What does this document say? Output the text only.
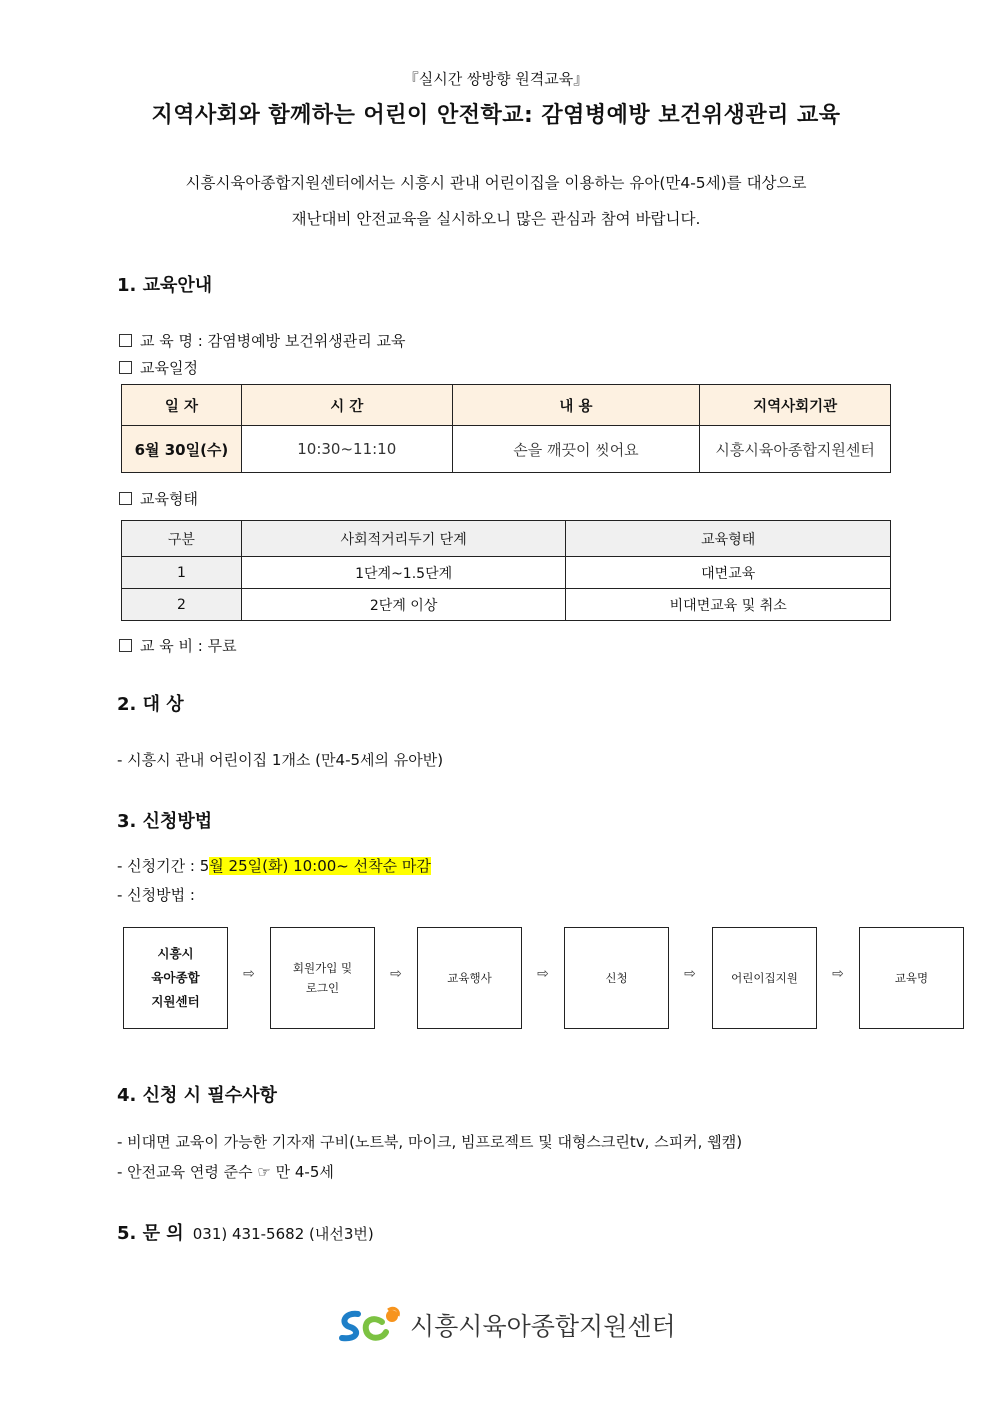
『실시간 쌍방향 원격교육』
지역사회와 함께하는 어린이 안전학교: 감염병예방 보건위생관리 교육
시흥시육아종합지원센터에서는 시흥시 관내 어린이집을 이용하는 유아(만4-5세)를 대상으로
재난대비 안전교육을 실시하오니 많은 관심과 참여 바랍니다.
1. 교육안내
교 육 명 : 감염병예방 보건위생관리 교육
교육일정
일 자	시 간	내 용	지역사회기관
6월 30일(수)	10:30~11:10	손을 깨끗이 씻어요	시흥시육아종합지원센터
교육형태
구분	사회적거리두기 단계	교육형태
1	1단계~1.5단계	대면교육
2	2단계 이상	비대면교육 및 취소
교 육 비 : 무료
2. 대 상
- 시흥시 관내 어린이집 1개소 (만4-5세의 유아반)
3. 신청방법
- 신청기간 : 5월 25일(화) 10:00~ 선착순 마감
- 신청방법 :
시흥시
육아종합
지원센터
⇨	회원가입 및
로그인
⇨	교육행사	⇨	신청	⇨	어린이집지원	⇨	교육명
4. 신청 시 필수사항
- 비대면 교육이 가능한 기자재 구비(노트북, 마이크, 빔프로젝트 및 대형스크린tv, 스피커, 웹캠)
- 안전교육 연령 준수 ☞ 만 4-5세
5. 문 의 031) 431-5682 (내선3번)
시흥시육아종합지원센터
